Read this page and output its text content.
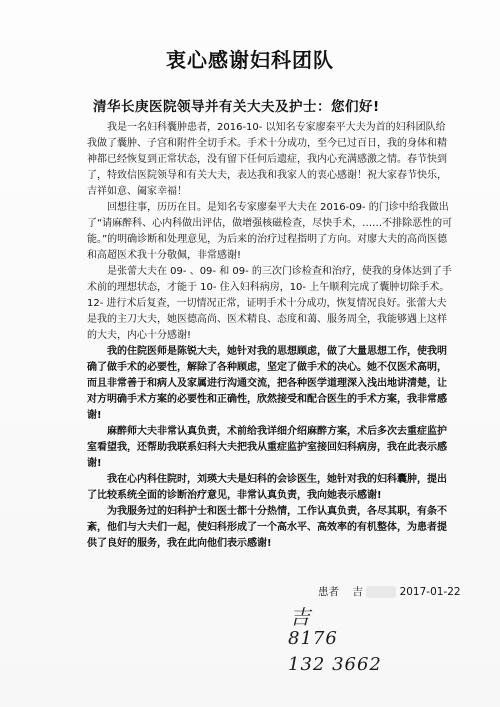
衷心感谢妇科团队
清华长庚医院领导并有关大夫及护士：您们好!

我是一名妇科囊肿患者，2016-10- 以知名专家廖秦平大夫为首的妇科团队给我做了囊肿、子宫和附件全切手术。手术十分成功，至今已过百日，我的身体和精神都已经恢复到正常状态，没有留下任何后遗症，我内心充满感激之情。春节快到了，特致信医院领导和有关大夫，表达我和我家人的衷心感谢！祝大家春节快乐，吉祥如意、阖家幸福！

回想往事，历历在目。是知名专家廖秦平大夫在 2016-09- 的门诊中给我做出了“请麻醉科、心内科做出评估，做增强核磁检查，尽快手术，……不排除恶性的可能。”的明确诊断和处理意见，为后来的治疗过程指明了方向。对廖大夫的高尚医德和高超医术我十分敬佩，非常感谢!

是张蕾大夫在 09- 、09- 和 09- 的三次门诊检查和治疗，使我的身体达到了手术前的理想状态，才能于 10- 住入妇科病房，10- 上午顺利完成了囊肿切除手术。12- 进行术后复查，一切情况正常，证明手术十分成功，恢复情况良好。张蕾大夫是我的主刀大夫，她医德高尚、医术精良、态度和蔼、服务周全，我能够遇上这样的大夫，内心十分感谢!

我的住院医师是陈锐大夫，她针对我的思想顾虑，做了大量思想工作，使我明确了做手术的必要性，解除了各种顾虑，坚定了做手术的决心。她不仅医术高明，而且非常善于和病人及家属进行沟通交流，把各种医学道理深入浅出地讲清楚，让对方明确手术方案的必要性和正确性，欣然接受和配合医生的手术方案，我非常感谢!

麻醉师大夫非常认真负责，术前给我详细介绍麻醉方案，术后多次去重症监护室看望我，还帮助我联系妇科大夫把我从重症监护室接回妇科病房，我在此表示感谢!

我在心内科住院时，刘瑛大夫是妇科的会诊医生，她针对我的妇科囊肿，提出了比较系统全面的诊断治疗意见，非常认真负责，我向她表示感谢!

为我服务过的妇科护士和医士都十分热情，工作认真负责，各尽其职，有条不紊，他们与大夫们一起，使妇科形成了一个高水平、高效率的有机整体，为患者提供了良好的服务，我在此向他们表示感谢!

患者 吉	2017-01-22
吉
8176
132 3662
